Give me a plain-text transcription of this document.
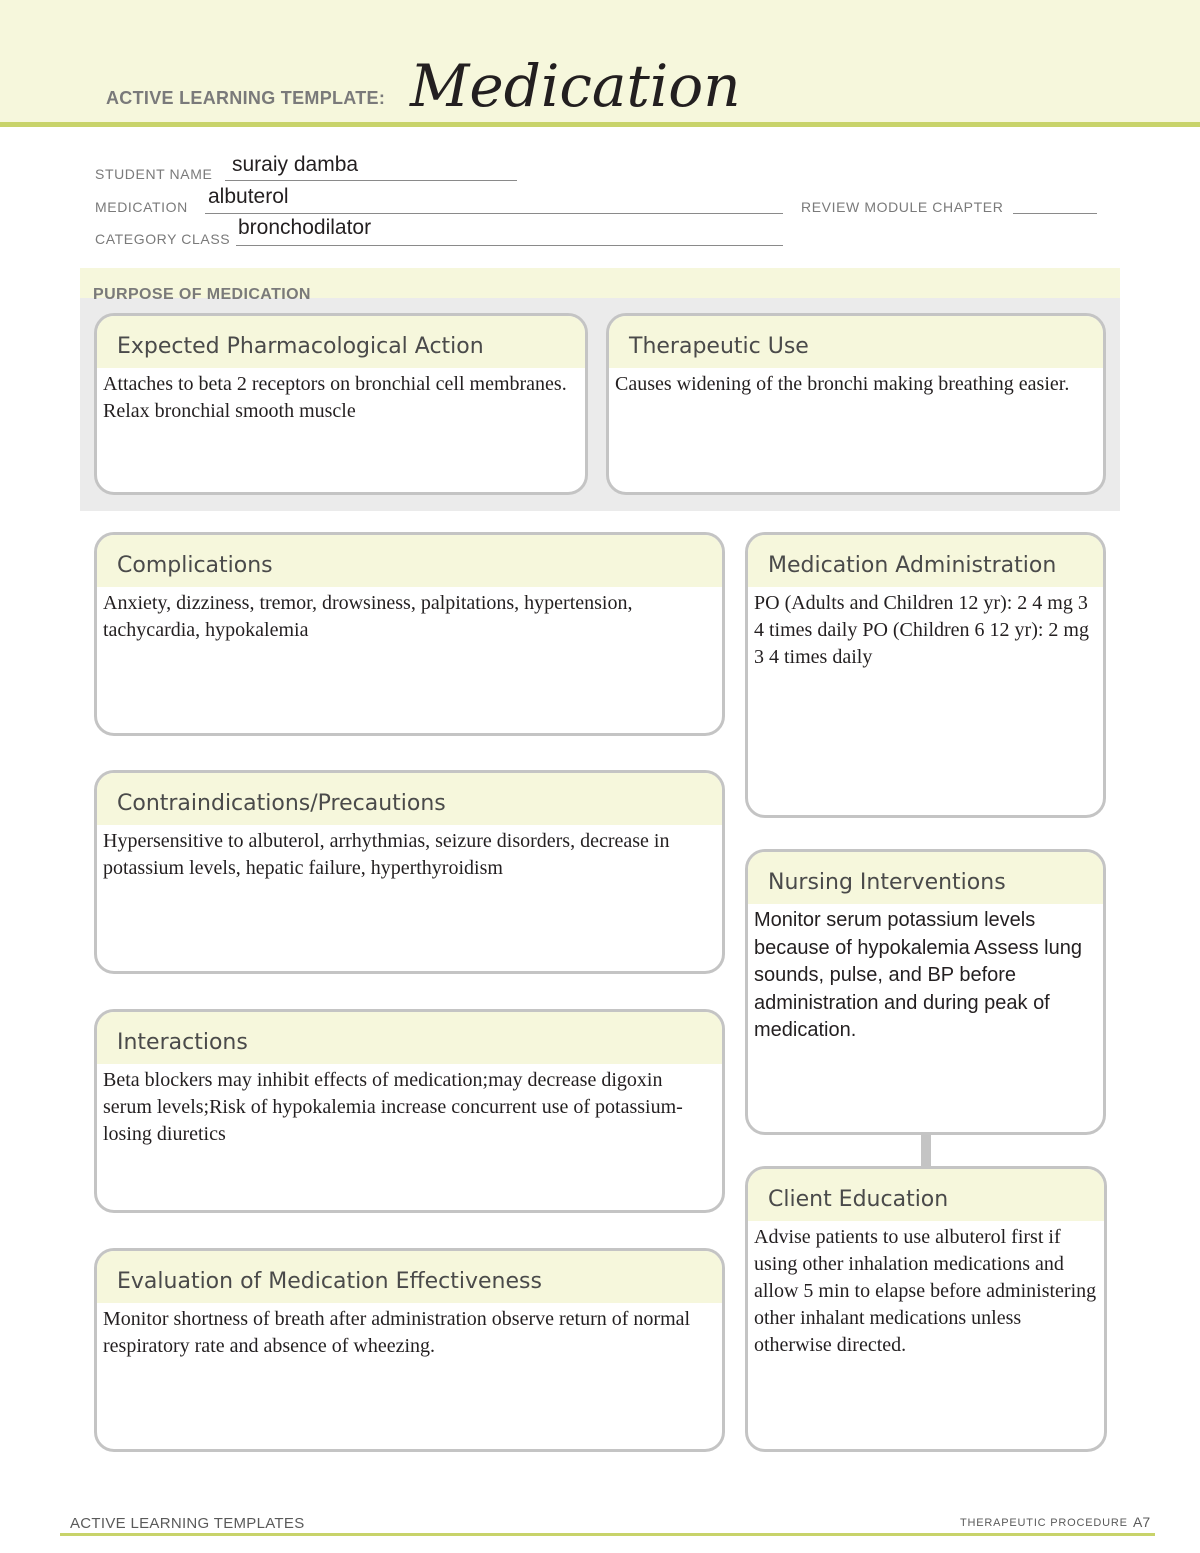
ACTIVE LEARNING TEMPLATE: Medication
STUDENT NAME suraiy damba
MEDICATION albuterol	REVIEW MODULE CHAPTER
CATEGORY CLASS bronchodilator
PURPOSE OF MEDICATION
Expected Pharmacological Action
Attaches to beta 2 receptors on bronchial cell membranes. Relax bronchial smooth muscle
Therapeutic Use
Causes widening of the bronchi making breathing easier.
Complications
Anxiety, dizziness, tremor, drowsiness, palpitations, hypertension, tachycardia, hypokalemia
Contraindications/Precautions
Hypersensitive to albuterol, arrhythmias, seizure disorders, decrease in potassium levels, hepatic failure, hyperthyroidism
Interactions
Beta blockers may inhibit effects of medication;may decrease digoxin serum levels;Risk of hypokalemia increase concurrent use of potassium-losing diuretics
Evaluation of Medication Effectiveness
Monitor shortness of breath after administration observe return of normal respiratory rate and absence of wheezing.
Medication Administration
PO (Adults and Children 12 yr): 2 4 mg 3 4 times daily PO (Children 6 12 yr): 2 mg 3 4 times daily
Nursing Interventions
Monitor serum potassium levels because of hypokalemia Assess lung sounds, pulse, and BP before administration and during peak of medication.
Client Education
Advise patients to use albuterol first if using other inhalation medications and allow 5 min to elapse before administering other inhalant medications unless otherwise directed.
ACTIVE LEARNING TEMPLATES	THERAPEUTIC PROCEDURE A7
